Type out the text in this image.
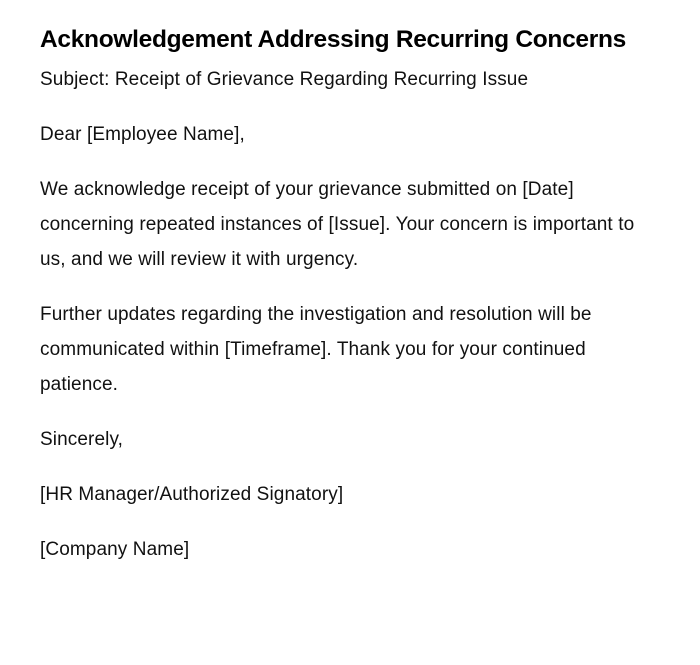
Acknowledgement Addressing Recurring Concerns

Subject: Receipt of Grievance Regarding Recurring Issue

Dear [Employee Name],

We acknowledge receipt of your grievance submitted on [Date] concerning repeated instances of [Issue]. Your concern is important to us, and we will review it with urgency.

Further updates regarding the investigation and resolution will be communicated within [Timeframe]. Thank you for your continued patience.

Sincerely,

[HR Manager/Authorized Signatory]

[Company Name]
